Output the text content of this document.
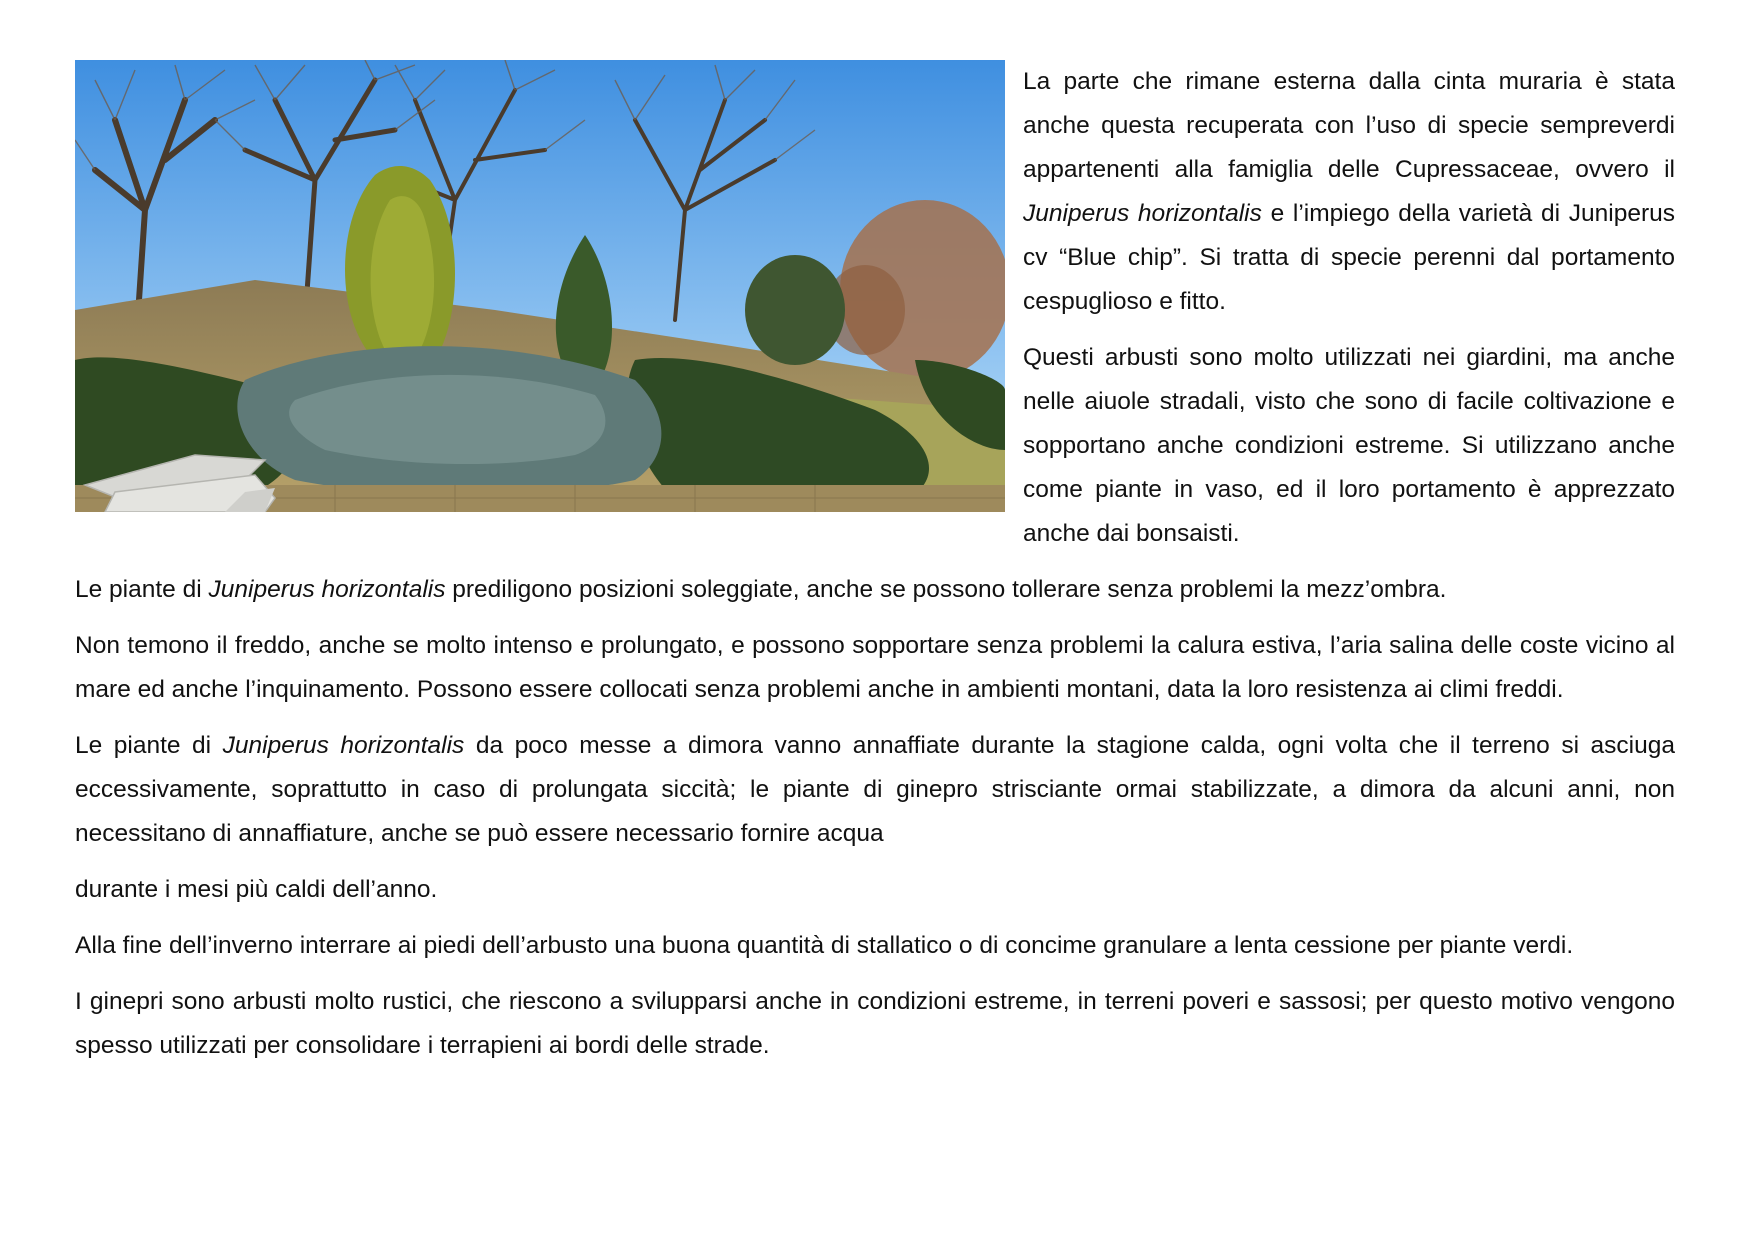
La parte che rimane esterna dalla cinta muraria è stata anche questa recuperata con l’uso di specie sempreverdi appartenenti alla famiglia delle Cupressaceae, ovvero il Juniperus horizontalis e l’impiego della varietà di Juniperus cv “Blue chip”. Si tratta di specie perenni dal portamento cespuglioso e fitto.

Questi arbusti sono molto utilizzati nei giardini, ma anche nelle aiuole stradali, visto che sono di facile coltivazione e sopportano anche condizioni estreme. Si utilizzano anche come piante in vaso, ed il loro portamento è apprezzato anche dai bonsaisti.

Le piante di Juniperus horizontalis prediligono posizioni soleggiate, anche se possono tollerare senza problemi la mezz’ombra.

Non temono il freddo, anche se molto intenso e prolungato, e possono sopportare senza problemi la calura estiva, l’aria salina delle coste vicino al mare ed anche l’inquinamento. Possono essere collocati senza problemi anche in ambienti montani, data la loro resistenza ai climi freddi.

Le piante di Juniperus horizontalis da poco messe a dimora vanno annaffiate durante la stagione calda, ogni volta che il terreno si asciuga eccessivamente, soprattutto in caso di prolungata siccità; le piante di ginepro strisciante ormai stabilizzate, a dimora da alcuni anni, non necessitano di annaffiature, anche se può essere necessario fornire acqua

durante i mesi più caldi dell’anno.

Alla fine dell’inverno interrare ai piedi dell’arbusto una buona quantità di stallatico o di concime granulare a lenta cessione per piante verdi.

I ginepri sono arbusti molto rustici, che riescono a svilupparsi anche in condizioni estreme, in terreni poveri e sassosi; per questo motivo vengono spesso utilizzati per consolidare i terrapieni ai bordi delle strade.
